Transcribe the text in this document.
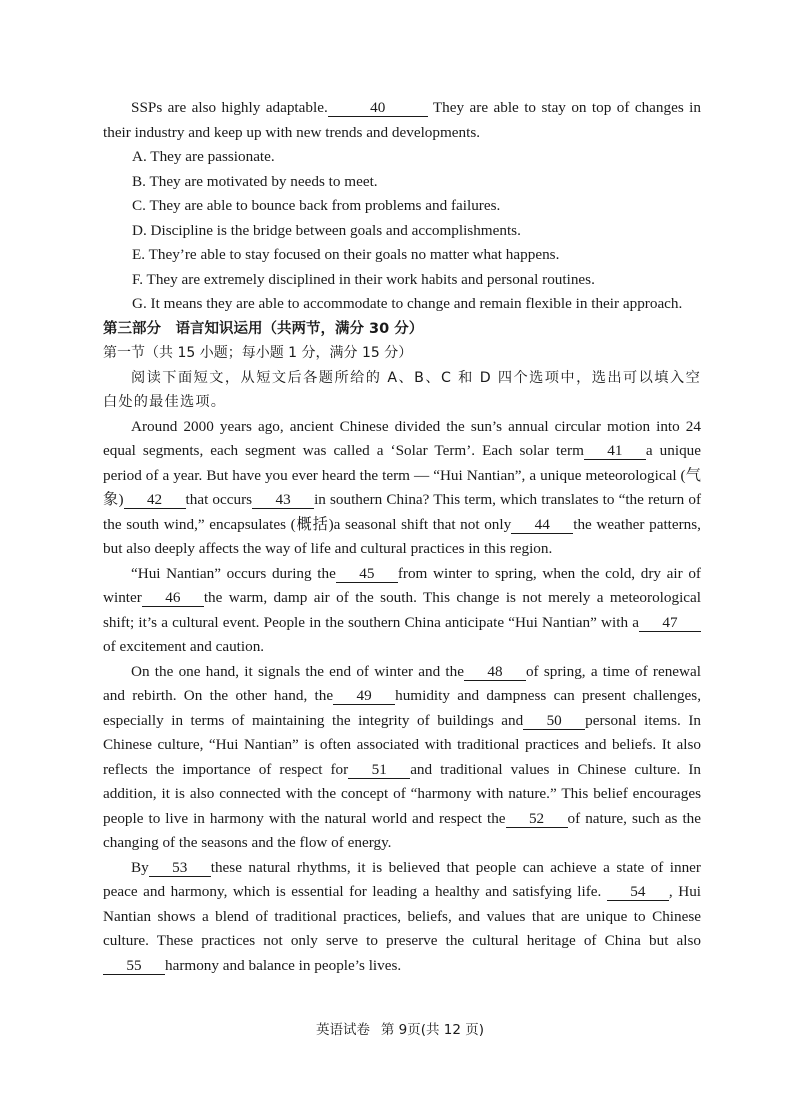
SSPs are also highly adaptable.	40	They are able to stay on top of changes in their industry and keep up with new trends and developments.

A. They are passionate.

B. They are motivated by needs to meet.

C. They are able to bounce back from problems and failures.

D. Discipline is the bridge between goals and accomplishments.

E. They’re able to stay focused on their goals no matter what happens.

F. They are extremely disciplined in their work habits and personal routines.

G. It means they are able to accommodate to change and remain flexible in their approach.

第三部分　语言知识运用（共两节，满分 30 分）

第一节（共 15 小题；每小题 1 分，满分 15 分）

阅读下面短文，从短文后各题所给的 A、B、C 和 D 四个选项中，选出可以填入空白处的最佳选项。

Around 2000 years ago, ancient Chinese divided the sun’s annual circular motion into 24 equal segments, each segment was called a ‘Solar Term’. Each solar term 41 a unique period of a year. But have you ever heard the term — “Hui Nantian”, a unique meteorological (气象) 42 that occurs 43 in southern China? This term, which translates to “the return of the south wind,” encapsulates (概括)a seasonal shift that not only 44 the weather patterns, but also deeply affects the way of life and cultural practices in this region.

“Hui Nantian” occurs during the 45 from winter to spring, when the cold, dry air of winter 46 the warm, damp air of the south. This change is not merely a meteorological shift; it’s a cultural event. People in the southern China anticipate “Hui Nantian” with a 47of excitement and caution.

On the one hand, it signals the end of winter and the 48 of spring, a time of renewal and rebirth. On the other hand, the 49 humidity and dampness can present challenges, especially in terms of maintaining the integrity of buildings and 50 personal items. In Chinese culture, “Hui Nantian” is often associated with traditional practices and beliefs. It also reflects the importance of respect for 51 and traditional values in Chinese culture. In addition, it is also connected with the concept of “harmony with nature.” This belief encourages people to live in harmony with the natural world and respect the 52 of nature, such as the changing of the seasons and the flow of energy.

By 53 these natural rhythms, it is believed that people can achieve a state of inner peace and harmony, which is essential for leading a healthy and satisfying life. 54 , Hui Nantian shows a blend of traditional practices, beliefs, and values that are unique to Chinese culture. These practices not only serve to preserve the cultural heritage of China but also55 harmony and balance in people’s lives.

英语试卷 第 9页(共 12 页)
